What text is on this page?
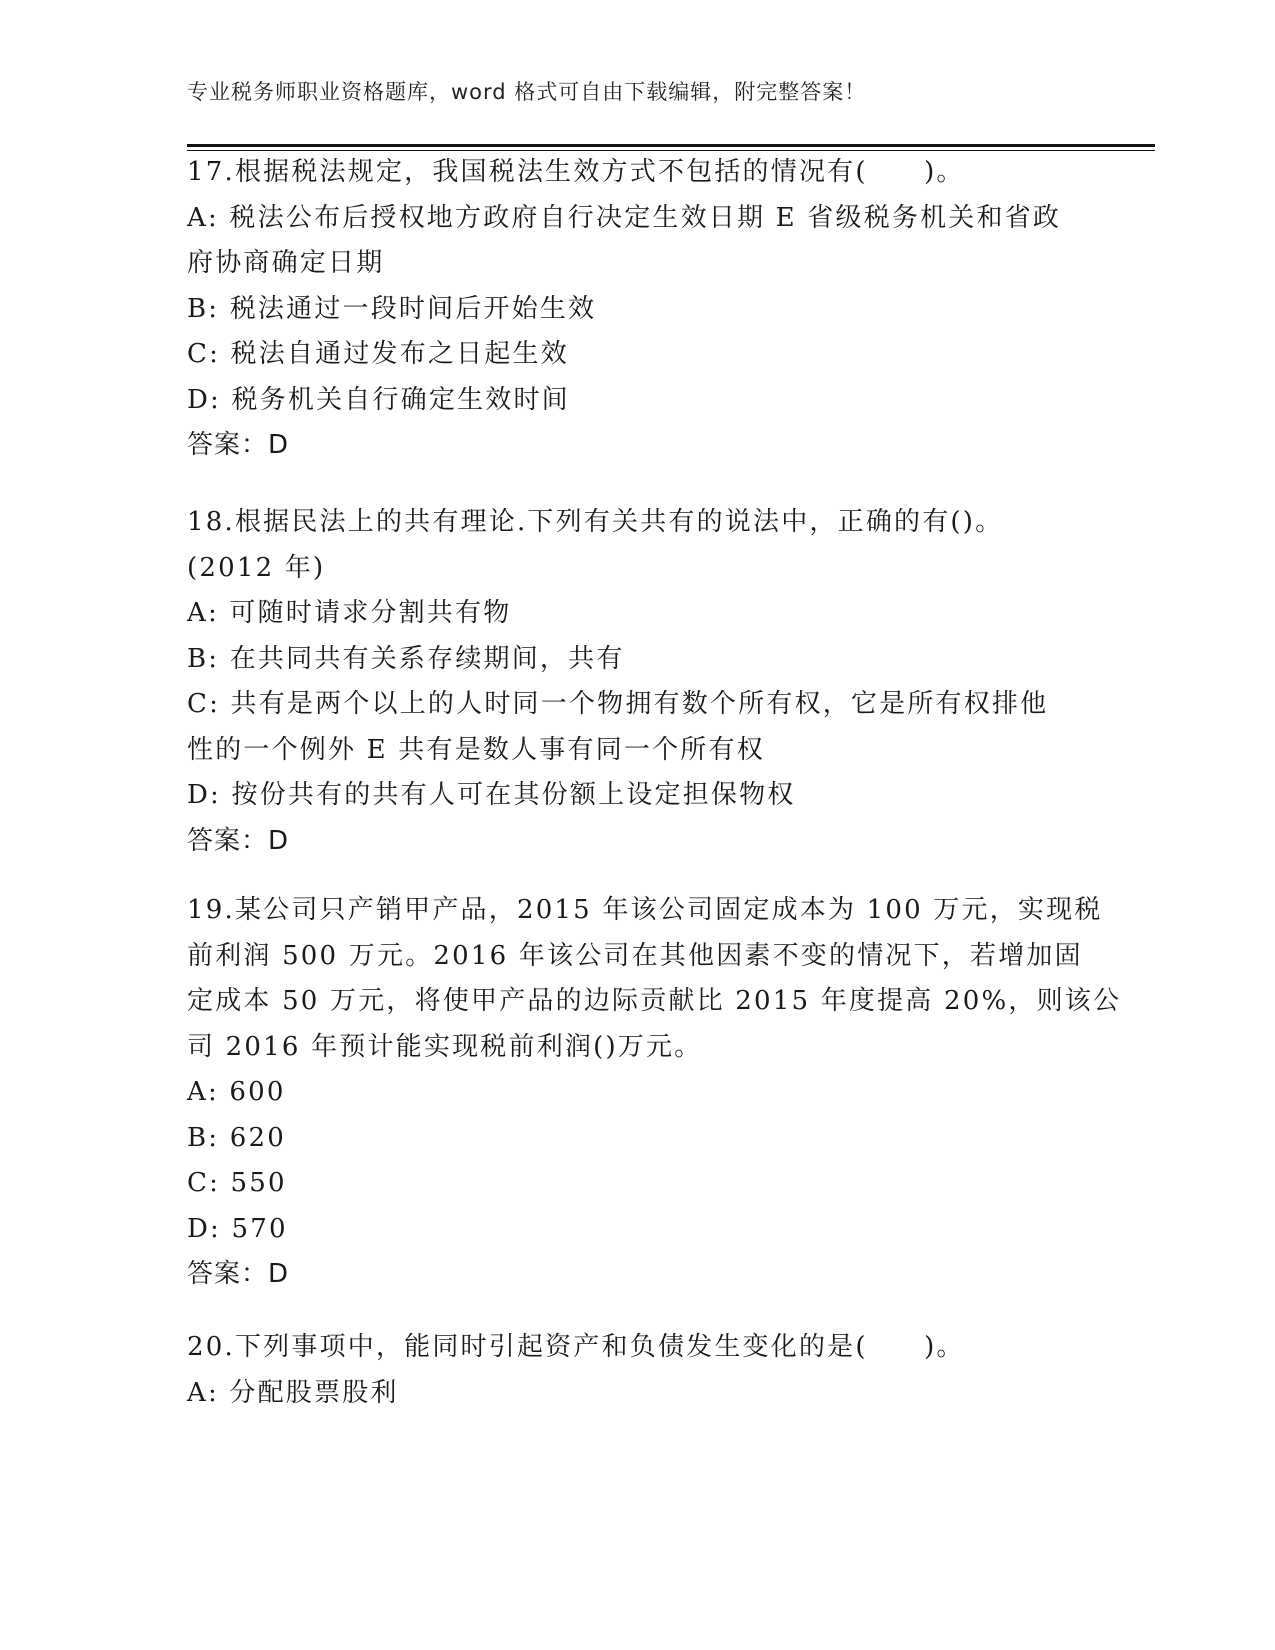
专业税务师职业资格题库，word 格式可自由下载编辑，附完整答案！
17.根据税法规定，我国税法生效方式不包括的情况有(　　)。
A: 税法公布后授权地方政府自行决定生效日期 E 省级税务机关和省政
府协商确定日期
B: 税法通过一段时间后开始生效
C: 税法自通过发布之日起生效
D: 税务机关自行确定生效时间
答案：D
18.根据民法上的共有理论.下列有关共有的说法中，正确的有()。
(2012 年)
A: 可随时请求分割共有物
B: 在共同共有关系存续期间，共有
C: 共有是两个以上的人时同一个物拥有数个所有权，它是所有权排他
性的一个例外 E 共有是数人事有同一个所有权
D: 按份共有的共有人可在其份额上设定担保物权
答案：D
19.某公司只产销甲产品，2015 年该公司固定成本为 100 万元，实现税
前利润 500 万元。2016 年该公司在其他因素不变的情况下，若增加固
定成本 50 万元，将使甲产品的边际贡献比 2015 年度提高 20%，则该公
司 2016 年预计能实现税前利润()万元。
A: 600
B: 620
C: 550
D: 570
答案：D
20.下列事项中，能同时引起资产和负债发生变化的是(　　)。
A: 分配股票股利
